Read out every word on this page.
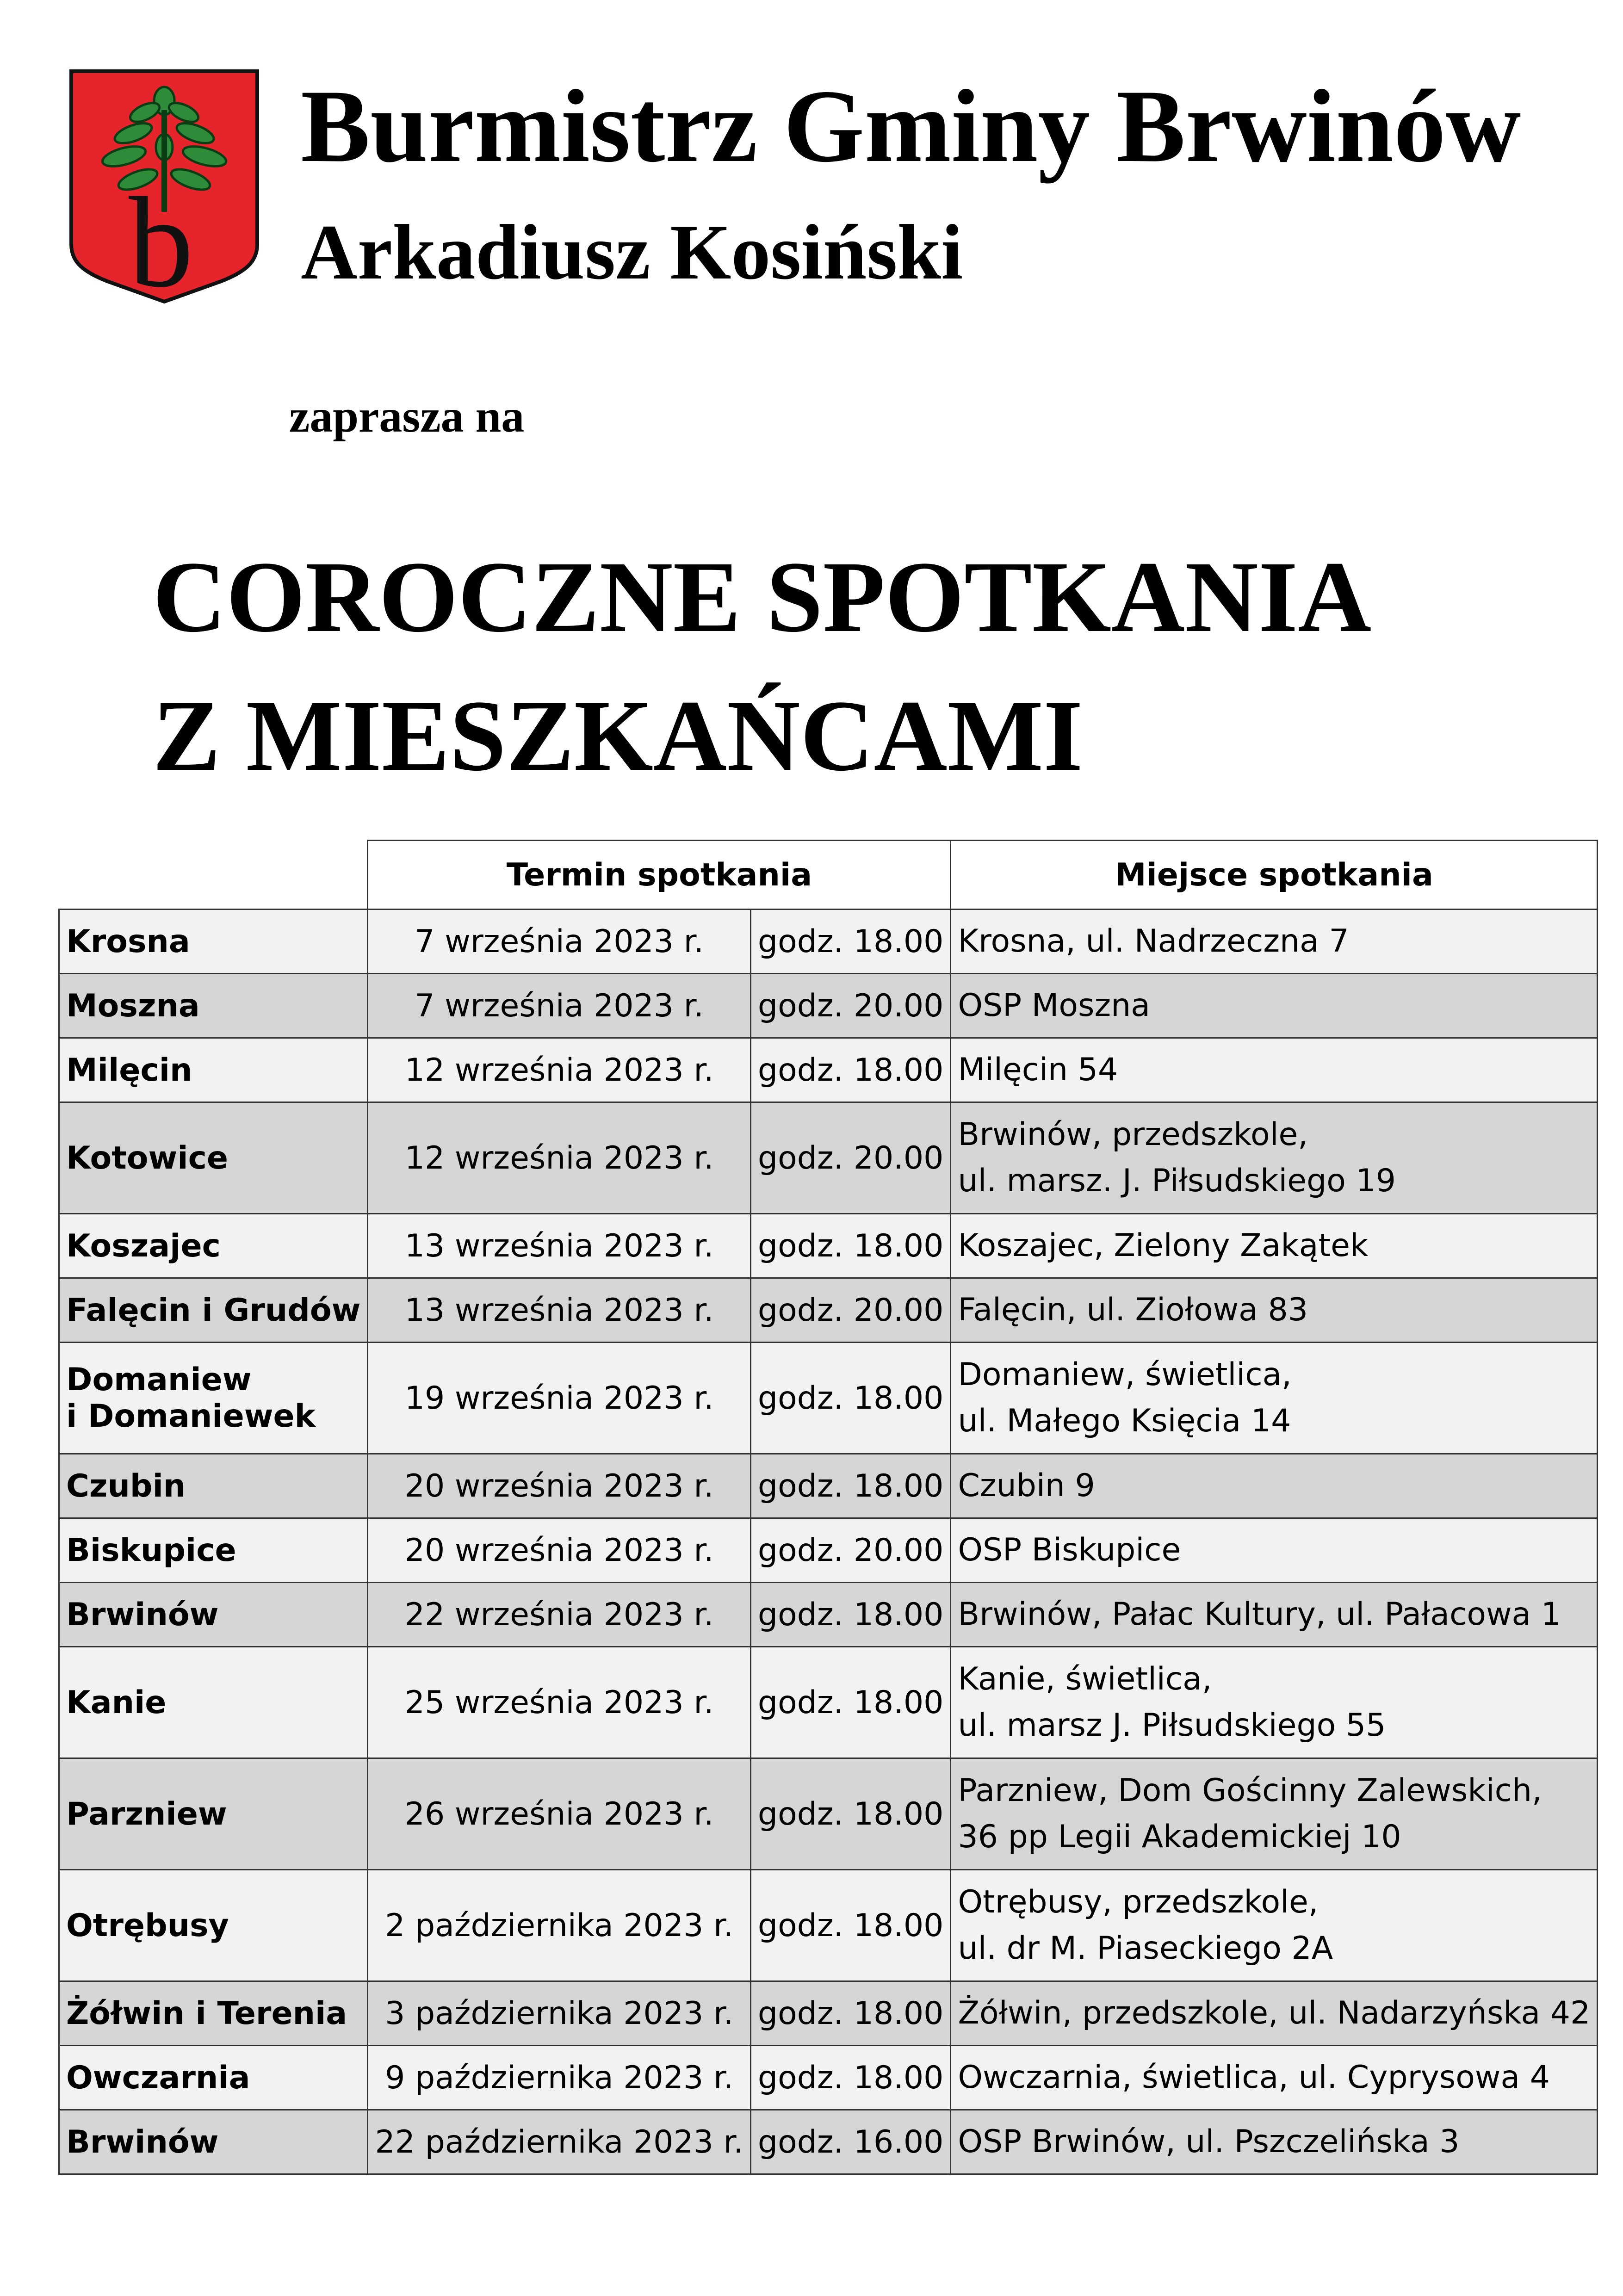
b
Burmistrz Gminy Brwinów
Arkadiusz Kosiński
zaprasza na
COROCZNE SPOTKANIA
Z MIESZKAŃCAMI
	Termin spotkania		Miejsce spotkania

Krosna	7 września 2023 r.	godz. 18.00	Krosna, ul. Nadrzeczna 7

Moszna	7 września 2023 r.	godz. 20.00	OSP Moszna

Milęcin	12 września 2023 r.	godz. 18.00	Milęcin 54

Kotowice	12 września 2023 r.	godz. 20.00	Brwinów, przedszkole,
ul. marsz. J. Piłsudskiego 19

Koszajec	13 września 2023 r.	godz. 18.00	Koszajec, Zielony Zakątek

Falęcin i Grudów	13 września 2023 r.	godz. 20.00	Falęcin, ul. Ziołowa 83

Domaniew
i Domaniewek	19 września 2023 r.	godz. 18.00	Domaniew, świetlica,
ul. Małego Księcia 14

Czubin	20 września 2023 r.	godz. 18.00	Czubin 9

Biskupice	20 września 2023 r.	godz. 20.00	OSP Biskupice

Brwinów	22 września 2023 r.	godz. 18.00	Brwinów, Pałac Kultury, ul. Pałacowa 1

Kanie	25 września 2023 r.	godz. 18.00	Kanie, świetlica,
ul. marsz J. Piłsudskiego 55

Parzniew	26 września 2023 r.	godz. 18.00	Parzniew, Dom Gościnny Zalewskich,
36 pp Legii Akademickiej 10

Otrębusy	2 października 2023 r.	godz. 18.00	Otrębusy, przedszkole,
ul. dr M. Piaseckiego 2A

Żółwin i Terenia	3 października 2023 r.	godz. 18.00	Żółwin, przedszkole, ul. Nadarzyńska 42

Owczarnia	9 października 2023 r.	godz. 18.00	Owczarnia, świetlica, ul. Cyprysowa 4

Brwinów	22 października 2023 r.	godz. 16.00	OSP Brwinów, ul. Pszczelińska 3
